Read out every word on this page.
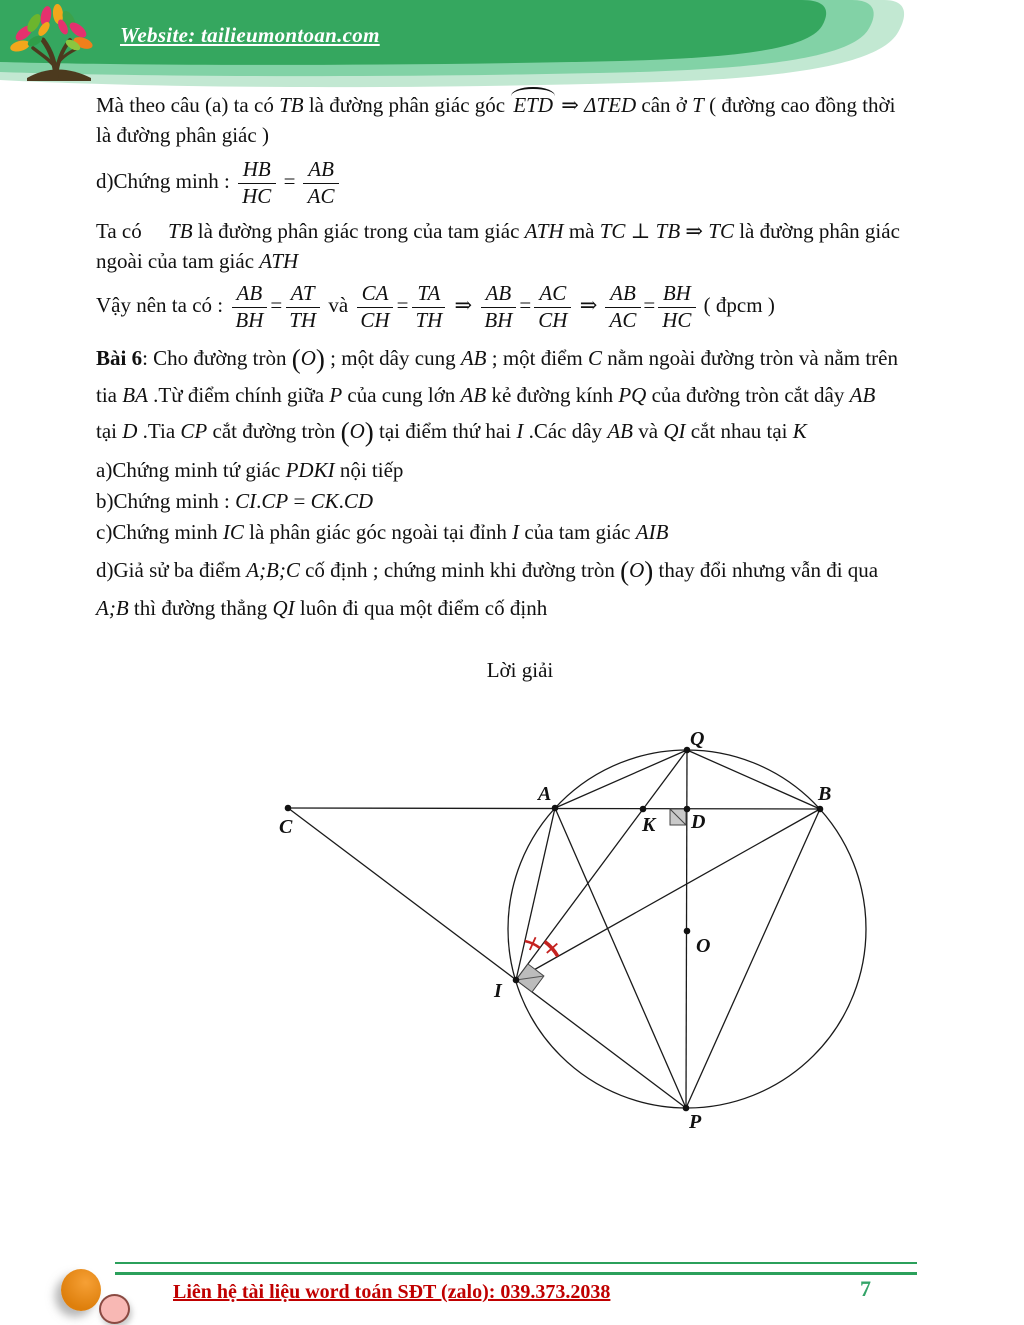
Website: tailieumontoan.com
Mà theo câu (a) ta có TB là đường phân giác góc ETD ⇒ ΔTED cân ở T ( đường cao đồng thời
là đường phân giác )
d)Chứng minh : $\frac{HB}{HC} = \frac{AB}{AC}$
Ta có     TB là đường phân giác trong của tam giác ATH mà TC ⊥ TB ⇒ TC là đường phân giác
ngoài của tam giác ATH
Vậy nên ta có : $\frac{AB}{BH} = \frac{AT}{TH}$ và $\frac{CA}{CH} = \frac{TA}{TH}$ ⇒ $\frac{AB}{BH} = \frac{AC}{CH}$ ⇒ $\frac{AB}{AC} = \frac{BH}{HC}$ ( đpcm )
Bài 6: Cho đường tròn (O) ; một dây cung AB ; một điểm C nằm ngoài đường tròn và nằm trên
tia BA .Từ điểm chính giữa P của cung lớn AB kẻ đường kính PQ của đường tròn cắt dây AB
tại D .Tia CP cắt đường tròn (O) tại điểm thứ hai I .Các dây AB và QI cắt nhau tại K
a)Chứng minh tứ giác PDKI nội tiếp
b)Chứng minh : CI.CP = CK.CD
c)Chứng minh IC là phân giác góc ngoài tại đỉnh I của tam giác AIB
d)Giả sử ba điểm A;B;C cố định ; chứng minh khi đường tròn (O) thay đổi nhưng vẫn đi qua
A;B thì đường thẳng QI luôn đi qua một điểm cố định
Lời giải
Q
A	B
C	K D
O
I
P
Liên hệ tài liệu word toán SĐT (zalo): 039.373.2038	7
